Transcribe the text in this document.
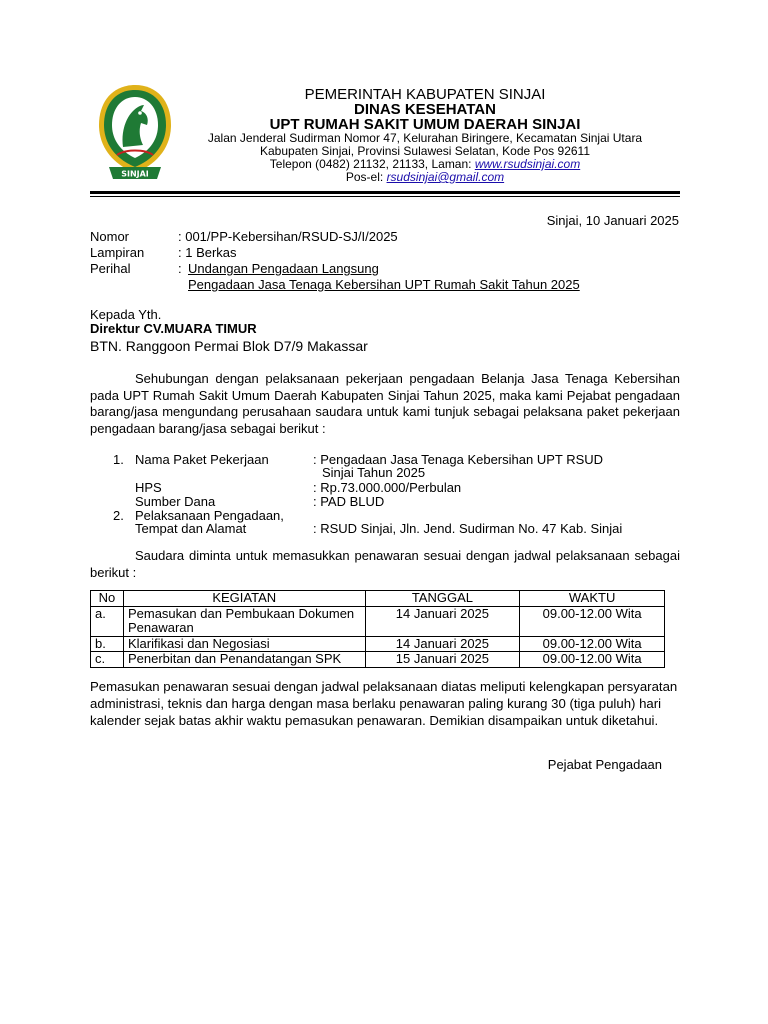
SINJAI
PEMERINTAH KABUPATEN SINJAI
DINAS KESEHATAN
UPT RUMAH SAKIT UMUM DAERAH SINJAI
Jalan Jenderal Sudirman Nomor 47, Kelurahan Biringere, Kecamatan Sinjai Utara
Kabupaten Sinjai, Provinsi Sulawesi Selatan, Kode Pos 92611
Telepon (0482) 21132, 21133, Laman: www.rsudsinjai.com
Pos-el: rsudsinjai@gmail.com
Sinjai, 10 Januari 2025
Nomor	: 001/PP-Kebersihan/RSUD-SJ/I/2025
Lampiran	: 1 Berkas
Perihal	: Undangan Pengadaan Langsung
Pengadaan Jasa Tenaga Kebersihan UPT Rumah Sakit Tahun 2025
Kepada Yth.
Direktur CV.MUARA TIMUR
BTN. Ranggoon Permai Blok D7/9 Makassar
Sehubungan dengan pelaksanaan pekerjaan pengadaan Belanja Jasa Tenaga Kebersihan pada UPT Rumah Sakit Umum Daerah Kabupaten Sinjai Tahun 2025, maka kami Pejabat pengadaan barang/jasa mengundang perusahaan saudara untuk kami tunjuk sebagai pelaksana paket pekerjaan pengadaan barang/jasa sebagai berikut :
1. Nama Paket Pekerjaan	: Pengadaan Jasa Tenaga Kebersihan UPT RSUD
Sinjai Tahun 2025
HPS	: Rp.73.000.000/Perbulan
Sumber Dana	: PAD BLUD
2. Pelaksanaan Pengadaan,
Tempat dan Alamat	: RSUD Sinjai, Jln. Jend. Sudirman No. 47 Kab. Sinjai
Saudara diminta untuk memasukkan penawaran sesuai dengan jadwal pelaksanaan sebagai berikut :
No	KEGIATAN	TANGGAL	WAKTU
a.	Pemasukan dan Pembukaan Dokumen Penawaran	14 Januari 2025	09.00-12.00 Wita
b.	Klarifikasi dan Negosiasi	14 Januari 2025	09.00-12.00 Wita
c.	Penerbitan dan Penandatangan SPK	15 Januari 2025	09.00-12.00 Wita
Pemasukan penawaran sesuai dengan jadwal pelaksanaan diatas meliputi kelengkapan persyaratan administrasi, teknis dan harga dengan masa berlaku penawaran paling kurang 30 (tiga puluh) hari kalender sejak batas akhir waktu pemasukan penawaran. Demikian disampaikan untuk diketahui.
Pejabat Pengadaan
